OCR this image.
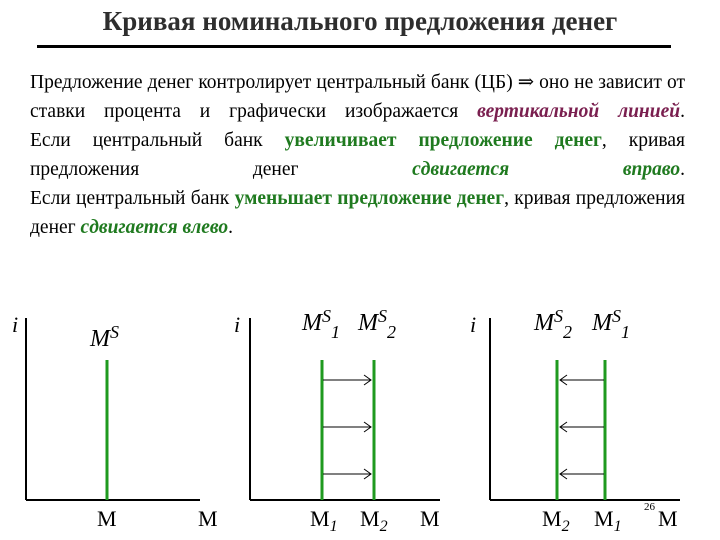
Кривая номинального предложения денег

Предложение денег контролирует центральный банк (ЦБ) ⇒ оно не зависит от ставки процента и графически изображается вертикальной линией.

Если центральный банк увеличивает предложение денег, кривая предложения денег сдвигается вправо.

Если центральный банк уменьшает предложение денег, кривая предложения денег сдвигается влево.

i
M
$M^S$
M
i
M
$M^S_1$ $M^S_2$
$M_1$ $M_2$
i
M
$M^S_2$ $M^S_1$
$M_2$ $M_1$
26
